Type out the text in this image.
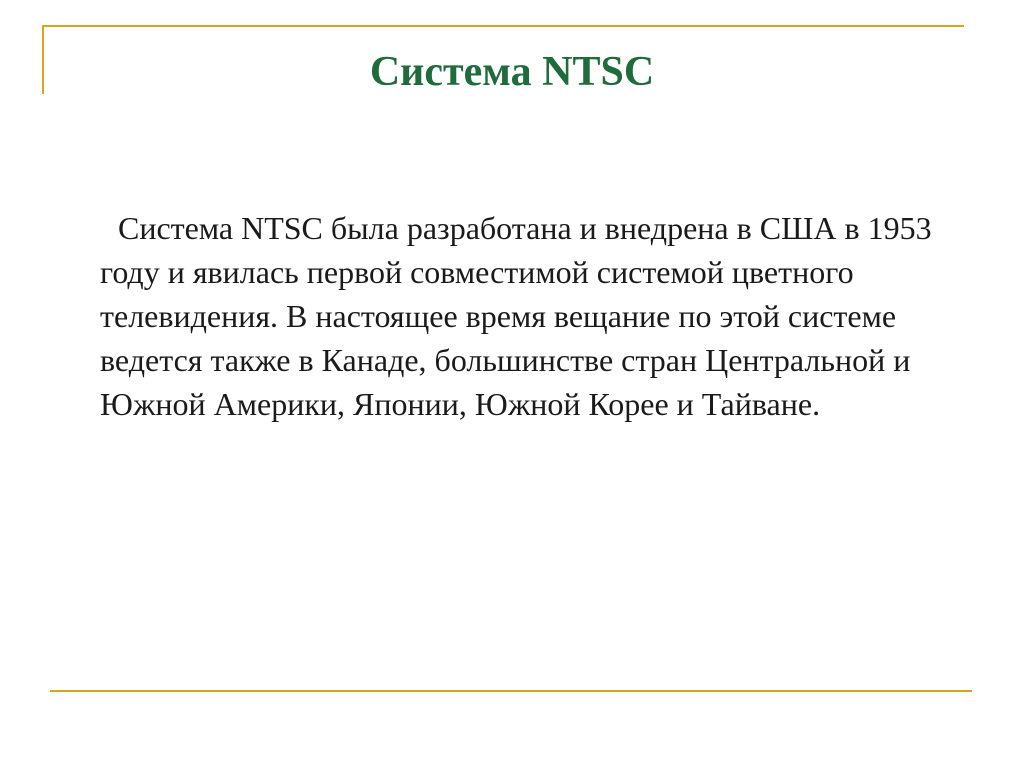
Система NTSC

Система NTSC была разработана и внедрена в США в 1953 году и явилась первой совместимой системой цветного телевидения. В настоящее время вещание по этой системе ведется также в Канаде, большинстве стран Центральной и Южной Америки, Японии, Южной Корее и Тайване.
